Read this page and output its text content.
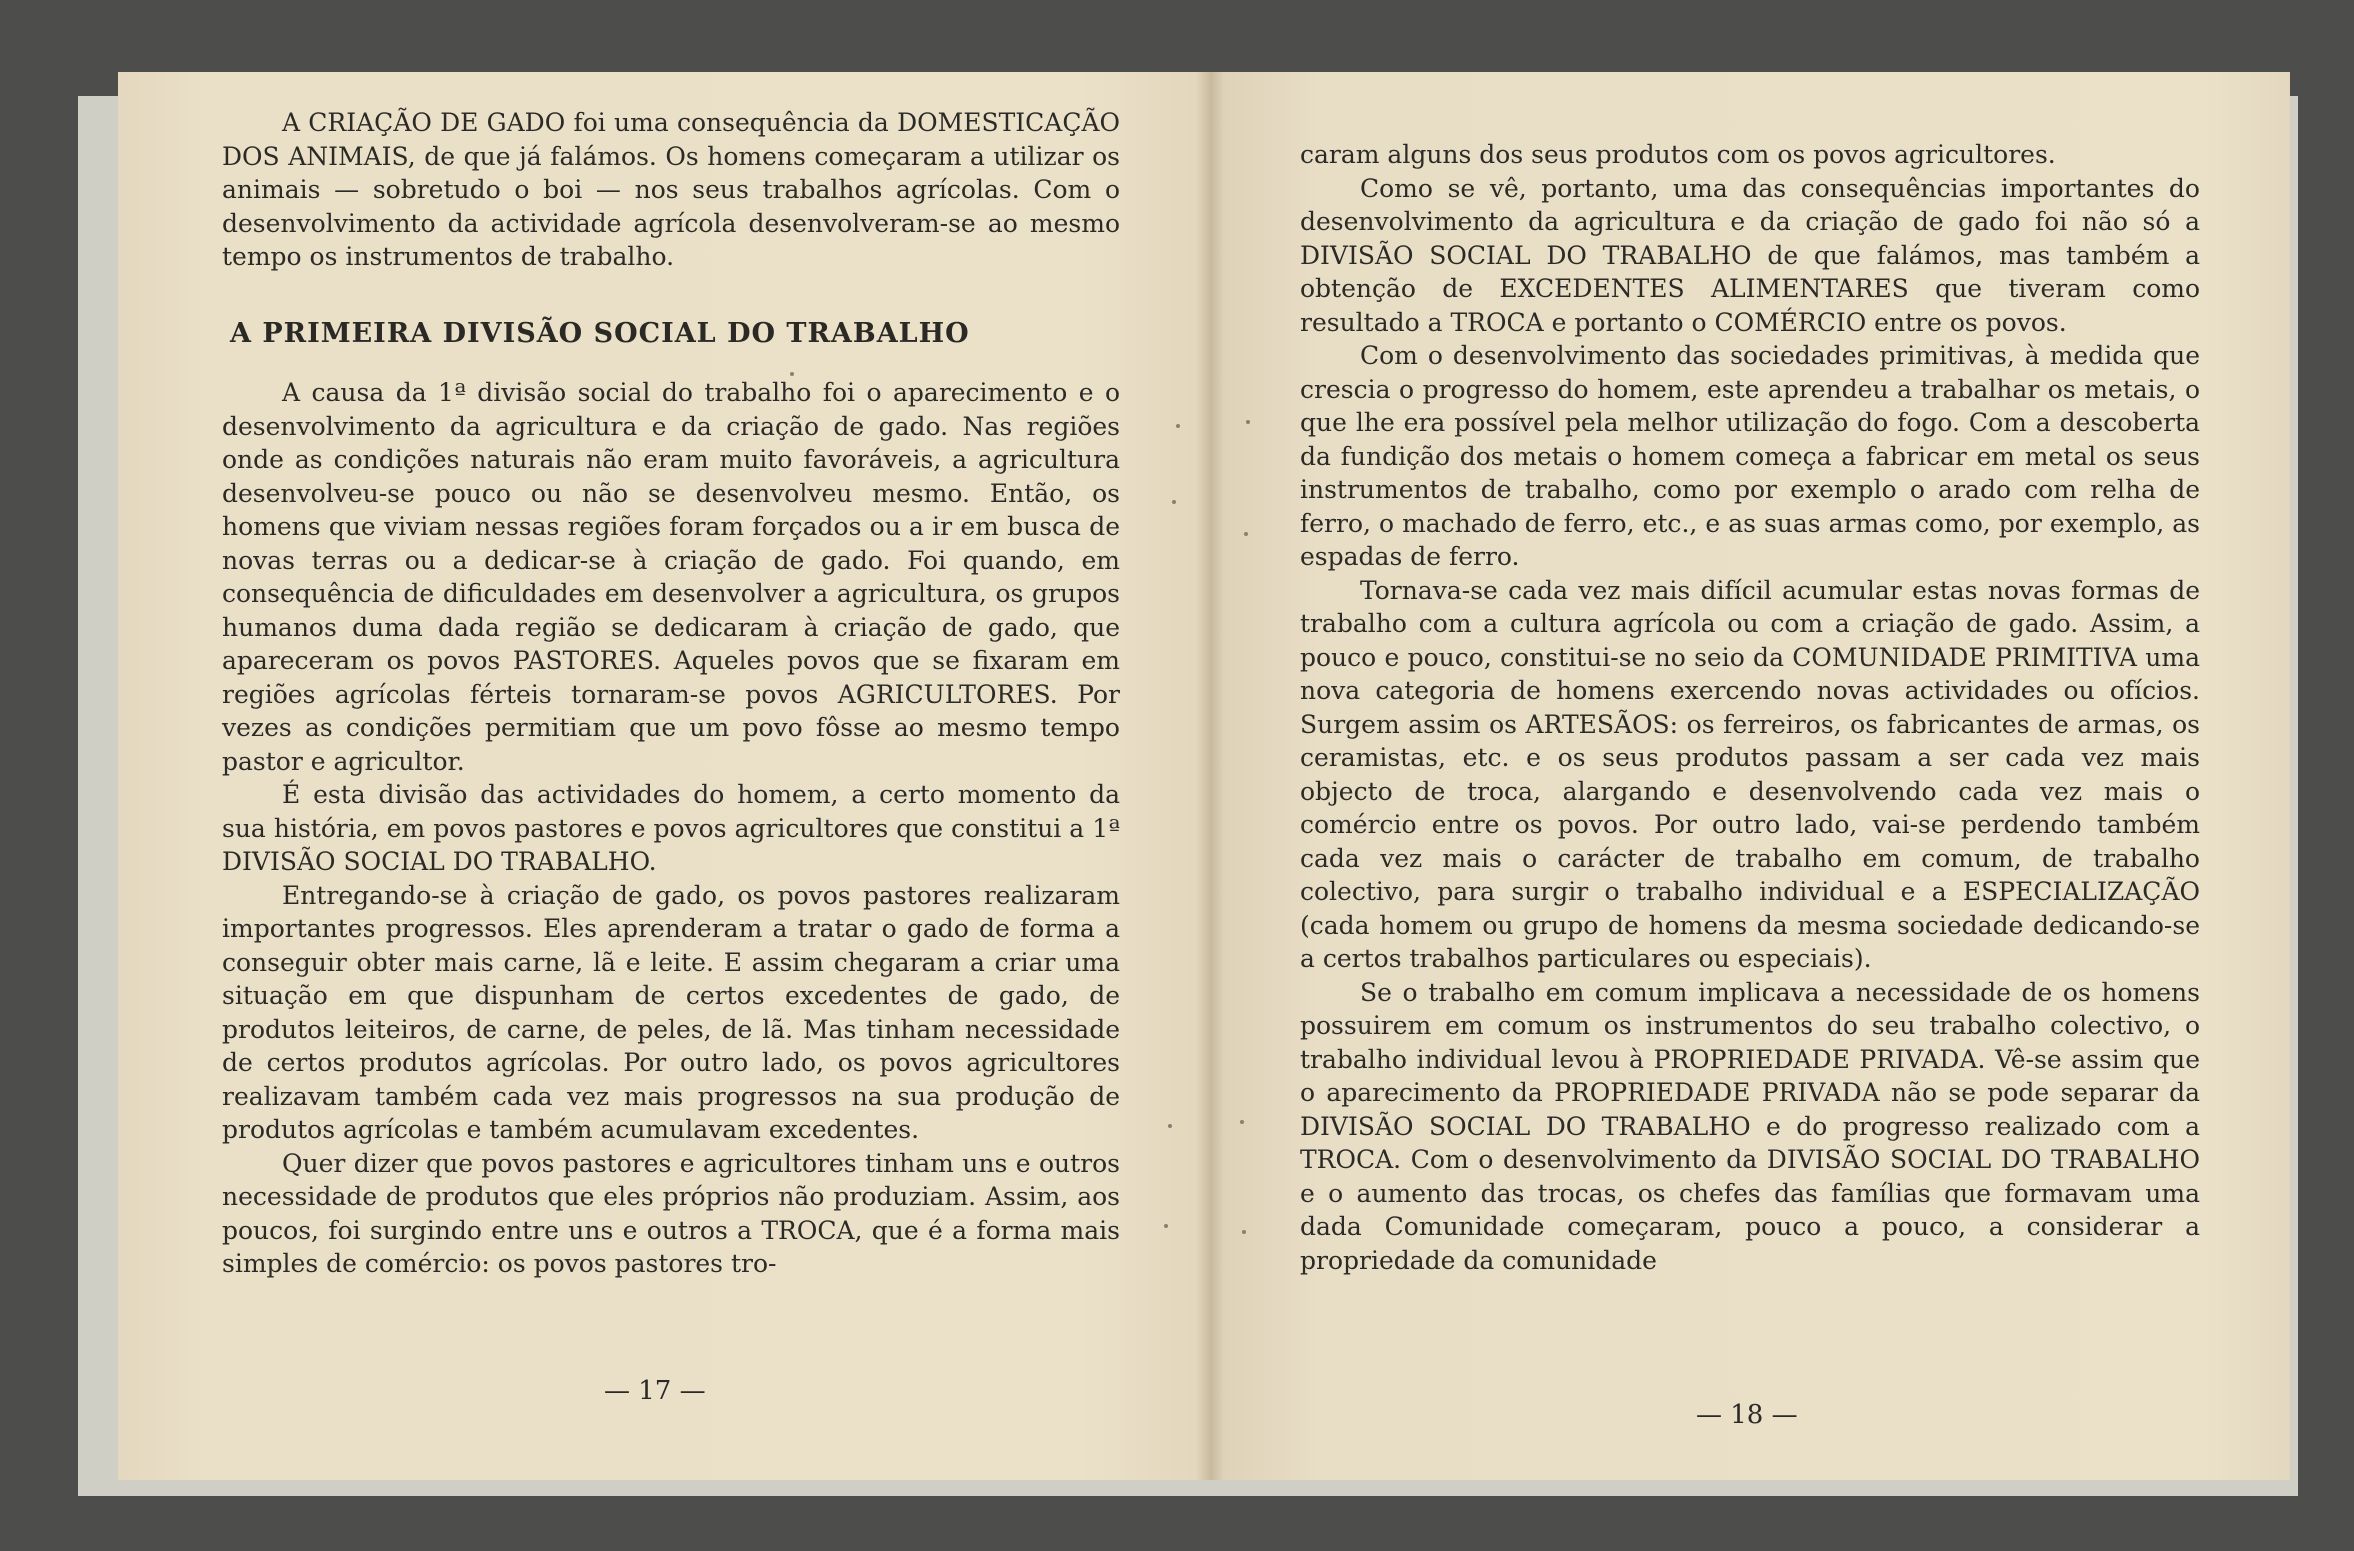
A CRIAÇÃO DE GADO foi uma consequência da DOMESTICAÇÃO DOS ANIMAIS, de que já falámos. Os homens começaram a utilizar os animais — sobretudo o boi — nos seus trabalhos agrícolas. Com o desenvolvimento da actividade agrícola desenvolveram-se ao mesmo tempo os instrumentos de trabalho.

A PRIMEIRA DIVISÃO SOCIAL DO TRABALHO

A causa da 1ª divisão social do trabalho foi o aparecimento e o desenvolvimento da agricultura e da criação de gado. Nas regiões onde as condições naturais não eram muito favoráveis, a agricultura desenvolveu-se pouco ou não se desenvolveu mesmo. Então, os homens que viviam nessas regiões foram forçados ou a ir em busca de novas terras ou a dedicar-se à criação de gado. Foi quando, em consequência de dificuldades em desenvolver a agricultura, os grupos humanos duma dada região se dedicaram à criação de gado, que apareceram os povos PASTORES. Aqueles povos que se fixaram em regiões agrícolas férteis tornaram-se povos AGRICULTORES. Por vezes as condições permitiam que um povo fôsse ao mesmo tempo pastor e agricultor.

É esta divisão das actividades do homem, a certo momento da sua história, em povos pastores e povos agricultores que constitui a 1ª DIVISÃO SOCIAL DO TRABALHO.

Entregando-se à criação de gado, os povos pastores realizaram importantes progressos. Eles aprenderam a tratar o gado de forma a conseguir obter mais carne, lã e leite. E assim chegaram a criar uma situação em que dispunham de certos excedentes de gado, de produtos leiteiros, de carne, de peles, de lã. Mas tinham necessidade de certos produtos agrícolas. Por outro lado, os povos agricultores realizavam também cada vez mais progressos na sua produção de produtos agrícolas e também acumulavam excedentes.

Quer dizer que povos pastores e agricultores tinham uns e outros necessidade de produtos que eles próprios não produziam. Assim, aos poucos, foi surgindo entre uns e outros a TROCA, que é a forma mais simples de comércio: os povos pastores tro-

— 17 —

caram alguns dos seus produtos com os povos agricultores.

Como se vê, portanto, uma das consequências importantes do desenvolvimento da agricultura e da criação de gado foi não só a DIVISÃO SOCIAL DO TRABALHO de que falámos, mas também a obtenção de EXCEDENTES ALIMENTARES que tiveram como resultado a TROCA e portanto o COMÉRCIO entre os povos.

Com o desenvolvimento das sociedades primitivas, à medida que crescia o progresso do homem, este aprendeu a trabalhar os metais, o que lhe era possível pela melhor utilização do fogo. Com a descoberta da fundição dos metais o homem começa a fabricar em metal os seus instrumentos de trabalho, como por exemplo o arado com relha de ferro, o machado de ferro, etc., e as suas armas como, por exemplo, as espadas de ferro.

Tornava-se cada vez mais difícil acumular estas novas formas de trabalho com a cultura agrícola ou com a criação de gado. Assim, a pouco e pouco, constitui-se no seio da COMUNIDADE PRIMITIVA uma nova categoria de homens exercendo novas actividades ou ofícios. Surgem assim os ARTESÃOS: os ferreiros, os fabricantes de armas, os ceramistas, etc. e os seus produtos passam a ser cada vez mais objecto de troca, alargando e desenvolvendo cada vez mais o comércio entre os povos. Por outro lado, vai-se perdendo também cada vez mais o carácter de trabalho em comum, de trabalho colectivo, para surgir o trabalho individual e a ESPECIALIZAÇÃO (cada homem ou grupo de homens da mesma sociedade dedicando-se a certos trabalhos particulares ou especiais).

Se o trabalho em comum implicava a necessidade de os homens possuirem em comum os instrumentos do seu trabalho colectivo, o trabalho individual levou à PROPRIEDADE PRIVADA. Vê-se assim que o aparecimento da PROPRIEDADE PRIVADA não se pode separar da DIVISÃO SOCIAL DO TRABALHO e do progresso realizado com a TROCA. Com o desenvolvimento da DIVISÃO SOCIAL DO TRABALHO e o aumento das trocas, os chefes das famílias que formavam uma dada Comunidade começaram, pouco a pouco, a considerar a propriedade da comunidade

— 18 —
